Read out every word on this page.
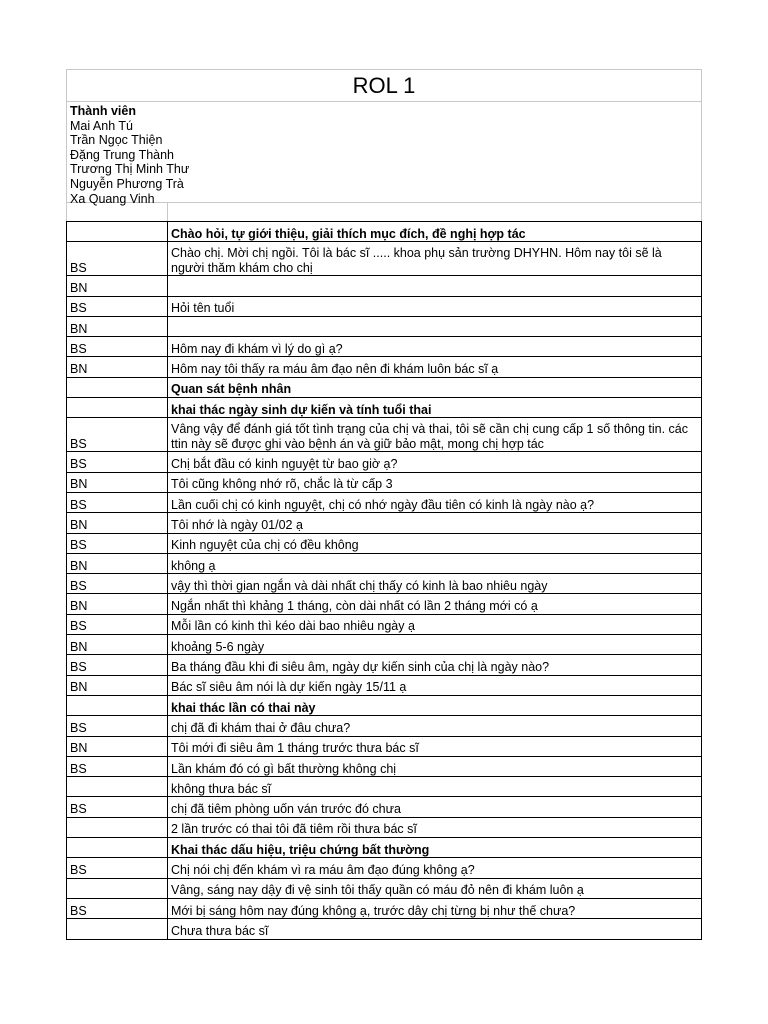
ROL 1
Thành viên
Mai Anh Tú
Trần Ngọc Thiện
Đặng Trung Thành
Trương Thị Minh Thư
Nguyễn Phương Trà
Xa Quang Vinh
	Chào hỏi, tự giới thiệu, giải thích mục đích, đề nghị hợp tác
BS	Chào chị. Mời chị ngồi. Tôi là bác sĩ ..... khoa phụ sản trường DHYHN. Hôm nay tôi sẽ là người thăm khám cho chị
BN	
BS	Hỏi tên tuổi
BN	
BS	Hôm nay đi khám vì lý do gì ạ?
BN	Hôm nay tôi thấy ra máu âm đạo nên đi khám luôn bác sĩ ạ
	Quan sát bệnh nhân
	khai thác ngày sinh dự kiến và tính tuổi thai
BS	Vâng vậy để đánh giá tốt tình trạng của chị và thai, tôi sẽ cần chị cung cấp 1 số thông tin. các ttin này sẽ được ghi vào bệnh án và giữ bảo mật, mong chị hợp tác
BS	Chị bắt đầu có kinh nguyệt từ bao giờ ạ?
BN	Tôi cũng không nhớ rõ, chắc là từ cấp 3
BS	Lần cuối chị có kinh nguyệt, chị có nhớ ngày đầu tiên có kinh là ngày nào ạ?
BN	Tôi nhớ là ngày 01/02 ạ
BS	Kinh nguyệt của chị có đều không
BN	không ạ
BS	vậy thì thời gian ngắn và dài nhất chị thấy có kinh là bao nhiêu ngày
BN	Ngắn nhất thì khảng 1 tháng, còn dài nhất có lần 2 tháng mới có ạ
BS	Mỗi lần có kinh thì kéo dài bao nhiêu ngày ạ
BN	khoảng 5-6 ngày
BS	Ba tháng đầu khi đi siêu âm, ngày dự kiến sinh của chị là ngày nào?
BN	Bác sĩ siêu âm nói là dự kiến ngày 15/11 ạ
	khai thác lần có thai này
BS	chị đã đi khám thai ở đâu chưa?
BN	Tôi mới đi siêu âm 1 tháng trước thưa bác sĩ
BS	Lần khám đó có gì bất thường không chị
	không thưa bác sĩ
BS	chị đã tiêm phòng uốn ván trước đó chưa
	2 lần trước có thai tôi đã tiêm rồi thưa bác sĩ
	Khai thác dấu hiệu, triệu chứng bất thường
BS	Chị nói chị đến khám vì ra máu âm đạo đúng không ạ?
	Vâng, sáng nay dậy đi vệ sinh tôi thấy quần có máu đỏ nên đi khám luôn ạ
BS	Mới bị sáng hôm nay đúng không ạ, trước dây chị từng bị như thế chưa?
	Chưa thưa bác sĩ
